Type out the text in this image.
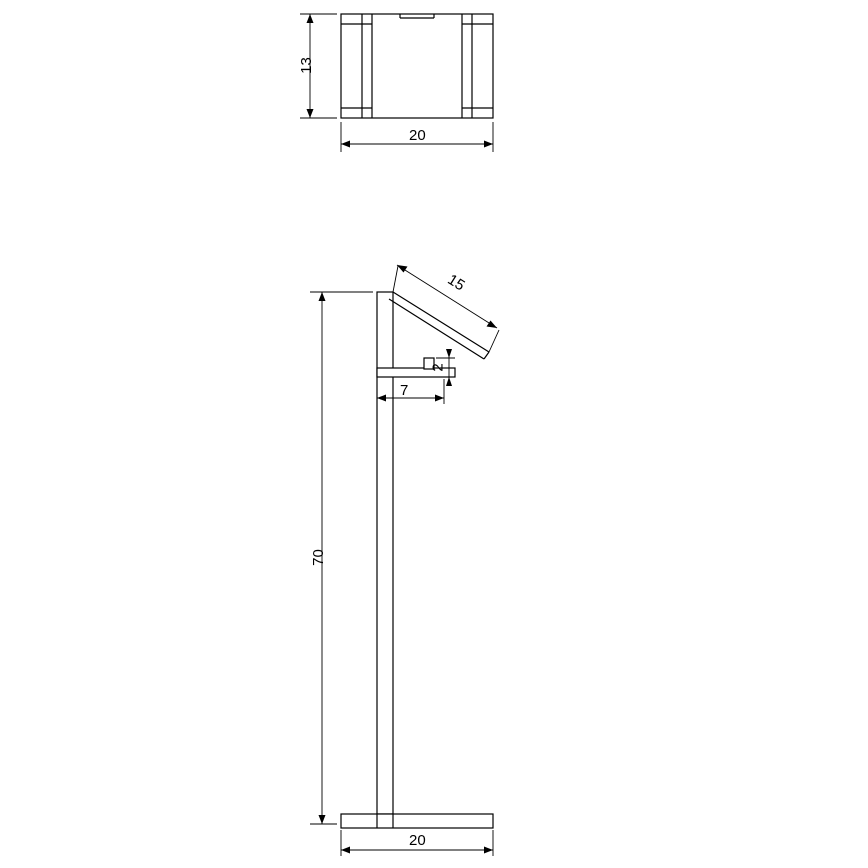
13
20
15
2
7
70
20
